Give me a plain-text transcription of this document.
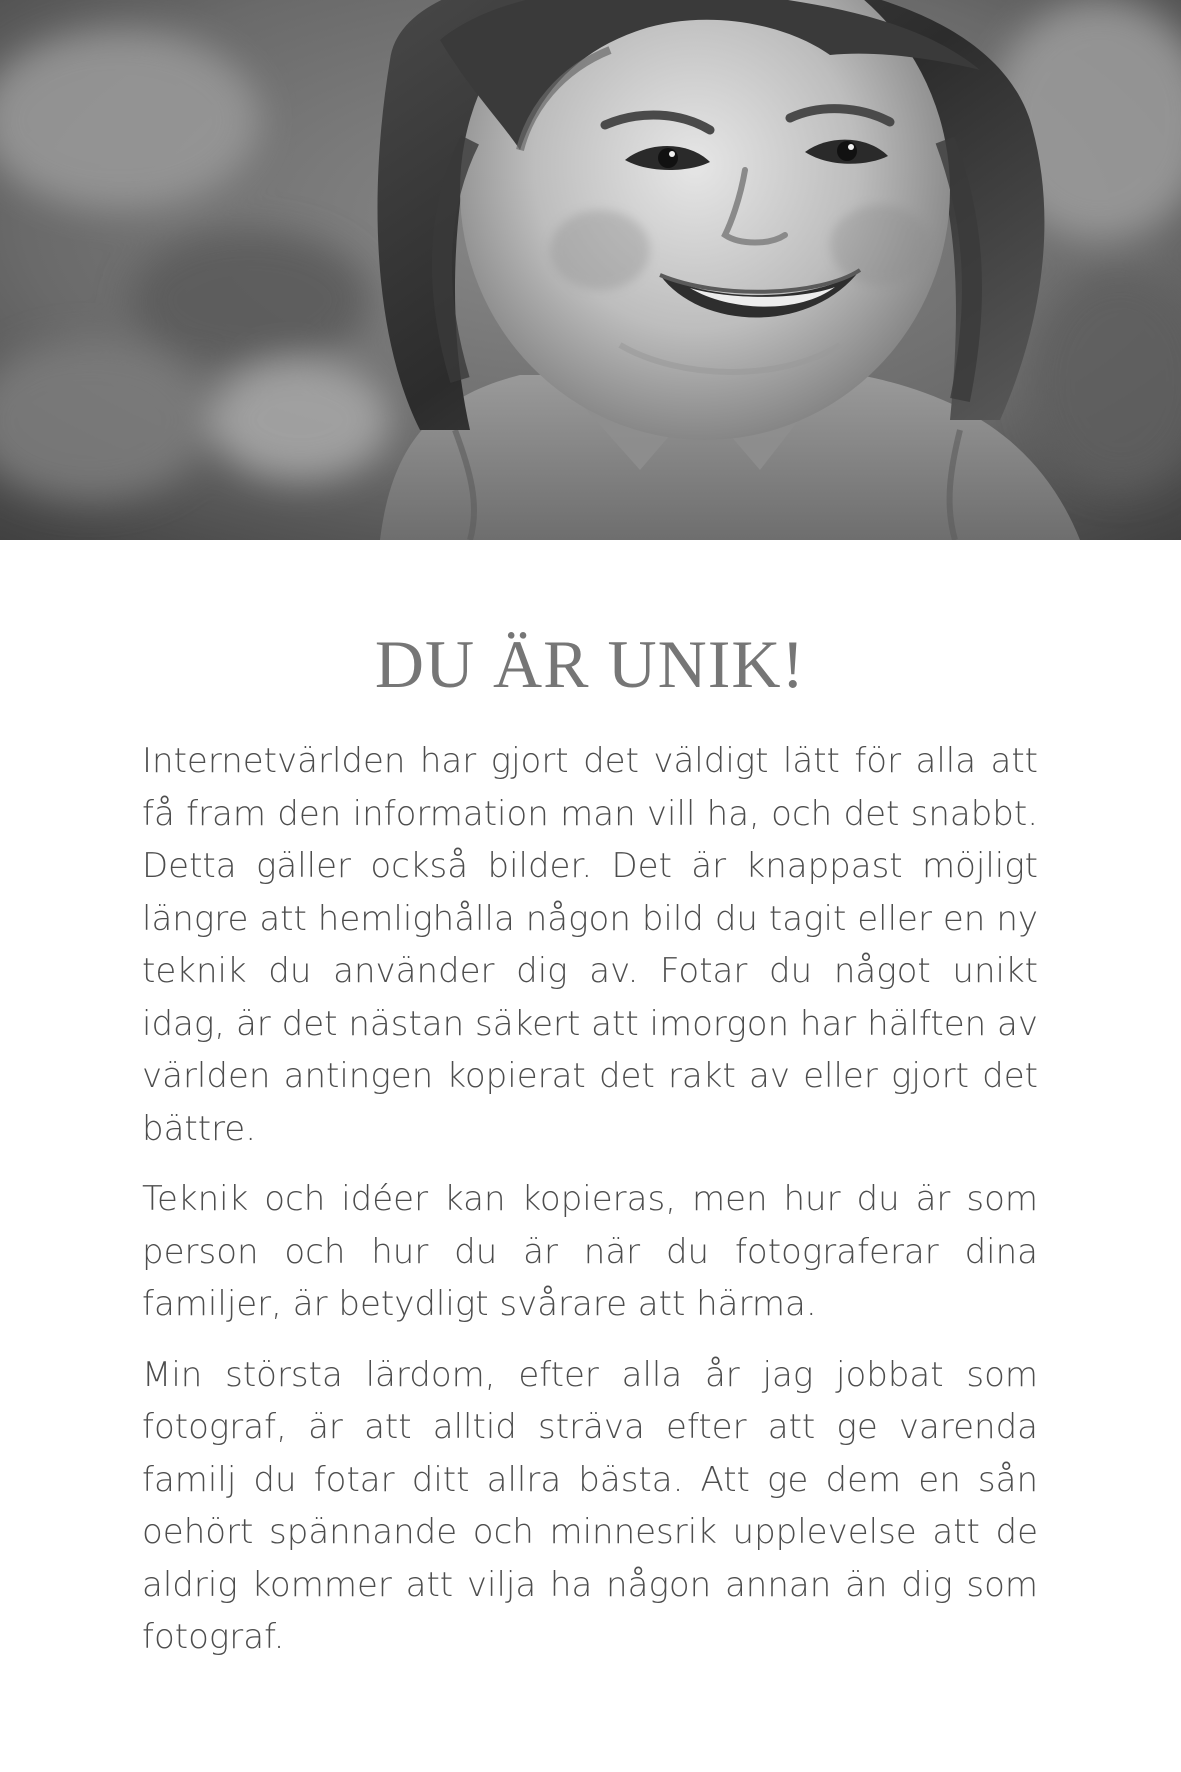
DU ÄR UNIK!

Internetvärlden har gjort det väldigt lätt för alla att få fram den information man vill ha, och det snabbt. Detta gäller också bilder. Det är knappast möjligt längre att hemlighålla någon bild du tagit eller en ny teknik du använder dig av. Fotar du något unikt idag, är det nästan säkert att imorgon har hälften av världen antingen kopierat det rakt av eller gjort det bättre.

Teknik och idéer kan kopieras, men hur du är som person och hur du är när du fotograferar dina familjer, är betydligt svårare att härma.

Min största lärdom, efter alla år jag jobbat som fotograf, är att alltid sträva efter att ge varenda familj du fotar ditt allra bästa. Att ge dem en sån oehört spännande och minnesrik upplevelse att de aldrig kommer att vilja ha någon annan än dig som fotograf.
